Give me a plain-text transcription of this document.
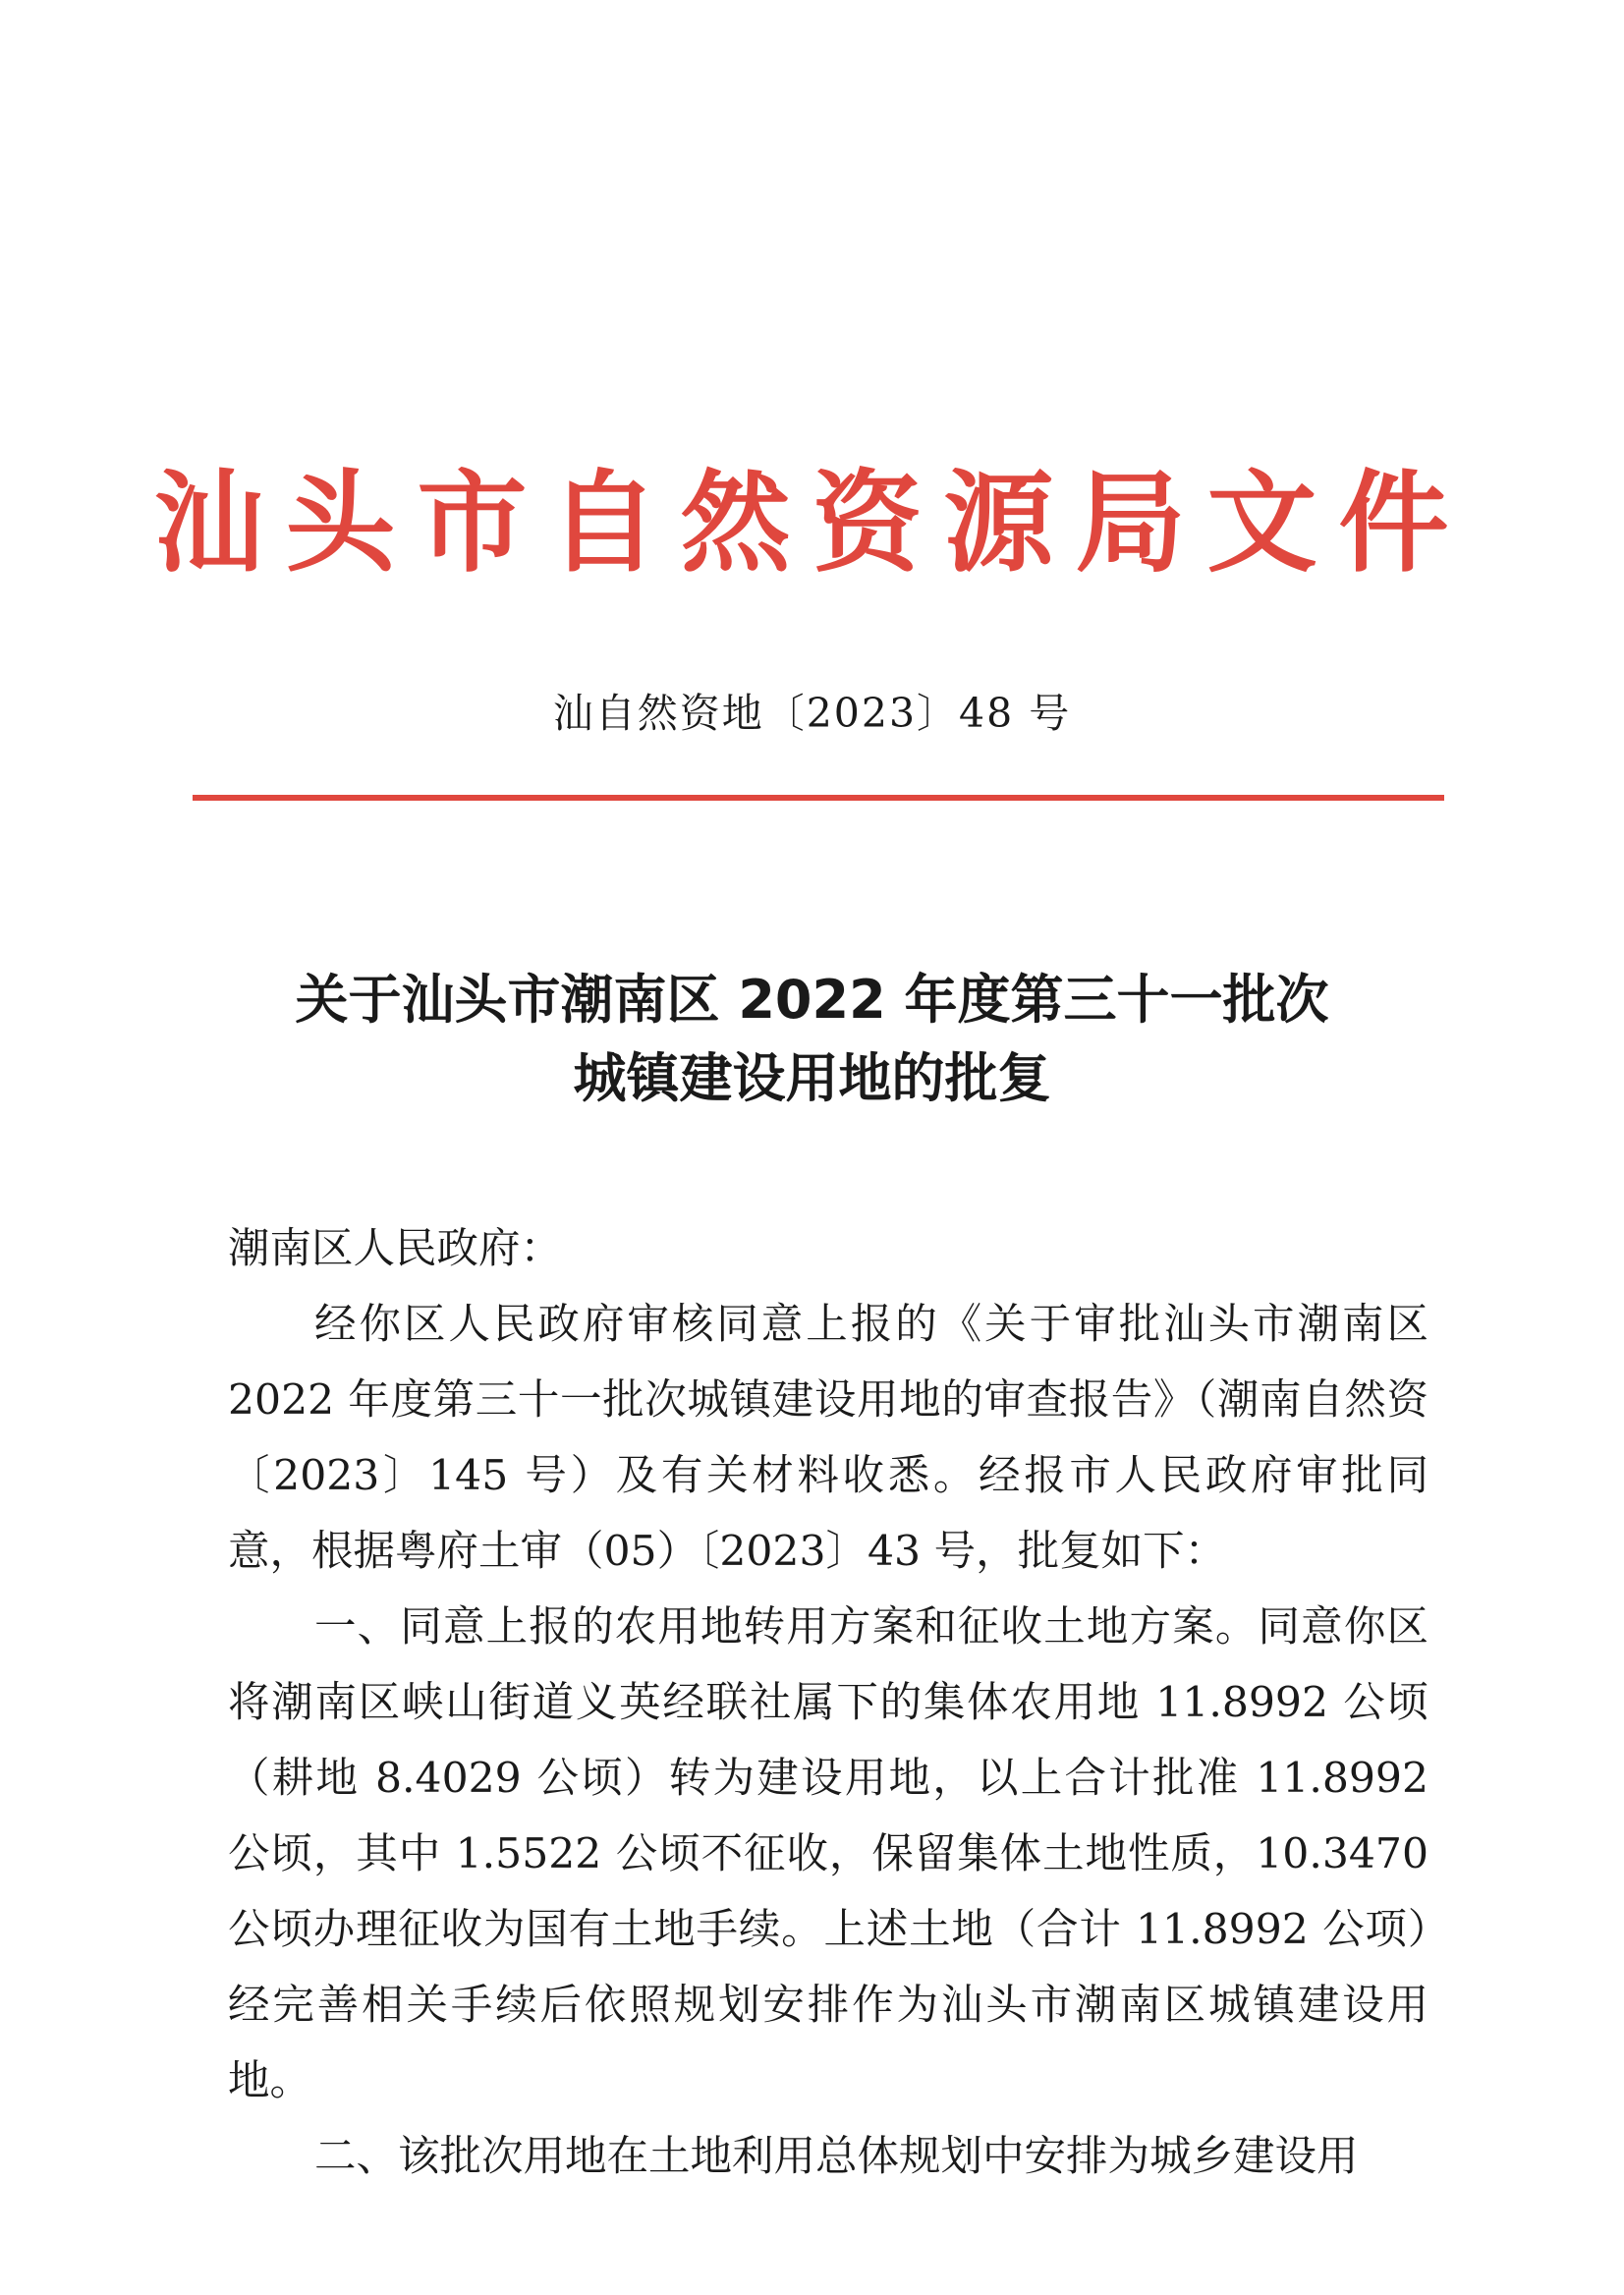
汕头市自然资源局文件
汕自然资地〔2023〕48 号
关于汕头市潮南区 2022 年度第三十一批次
城镇建设用地的批复

潮南区人民政府：

经你区人民政府审核同意上报的《关于审批汕头市潮南区 2022 年度第三十一批次城镇建设用地的审查报告》（潮南自然资〔2023〕145 号）及有关材料收悉。经报市人民政府审批同意，根据粤府土审（05）〔2023〕43 号，批复如下：

一、同意上报的农用地转用方案和征收土地方案。同意你区将潮南区峡山街道义英经联社属下的集体农用地 11.8992 公顷（耕地 8.4029 公顷）转为建设用地，以上合计批准 11.8992 公顷，其中 1.5522 公顷不征收，保留集体土地性质，10.3470 公顷办理征收为国有土地手续。上述土地（合计 11.8992 公项）经完善相关手续后依照规划安排作为汕头市潮南区城镇建设用地。

二、该批次用地在土地利用总体规划中安排为城乡建设用
